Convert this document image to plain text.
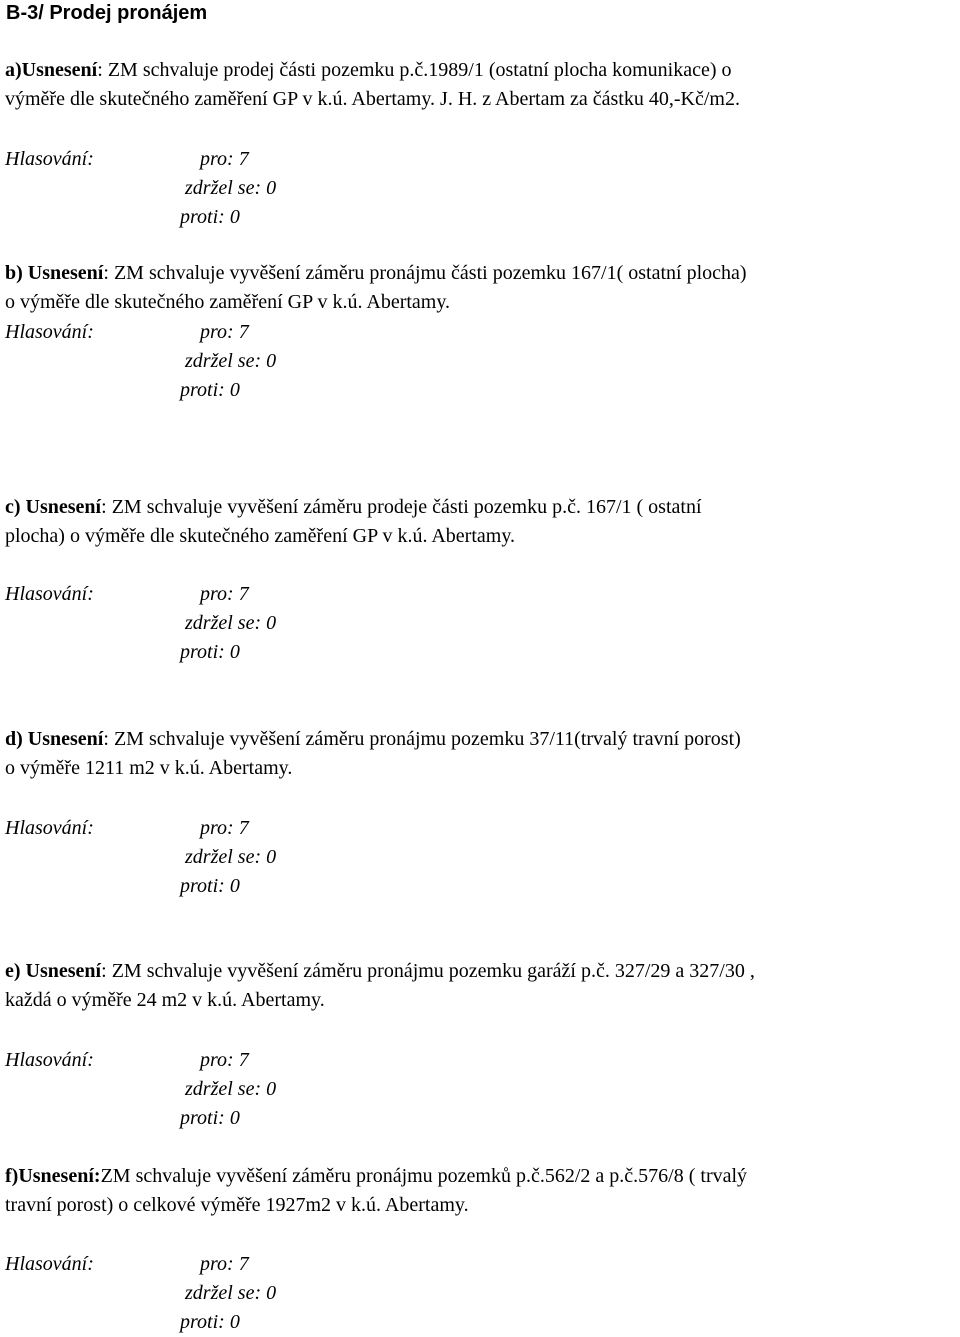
B-3/ Prodej pronájem
a)Usnesení: ZM schvaluje prodej části pozemku p.č.1989/1 (ostatní plocha komunikace) o
výměře dle skutečného zaměření GP v k.ú. Abertamy. J. H. z Abertam za částku 40,-Kč/m2.
Hlasování:	pro: 7
zdržel se: 0
proti: 0
b) Usnesení: ZM schvaluje vyvěšení záměru pronájmu části pozemku 167/1( ostatní plocha)
o výměře dle skutečného zaměření GP v k.ú. Abertamy.
Hlasování:	pro: 7
zdržel se: 0
proti: 0
c) Usnesení: ZM schvaluje vyvěšení záměru prodeje části pozemku p.č. 167/1 ( ostatní
plocha) o výměře dle skutečného zaměření GP v k.ú. Abertamy.
Hlasování:	pro: 7
zdržel se: 0
proti: 0
d) Usnesení: ZM schvaluje vyvěšení záměru pronájmu pozemku 37/11(trvalý travní porost)
o výměře 1211 m2 v k.ú. Abertamy.
Hlasování:	pro: 7
zdržel se: 0
proti: 0
e) Usnesení: ZM schvaluje vyvěšení záměru pronájmu pozemku garáží p.č. 327/29 a 327/30 ,
každá o výměře 24 m2 v k.ú. Abertamy.
Hlasování:	pro: 7
zdržel se: 0
proti: 0
f)Usnesení:ZM schvaluje vyvěšení záměru pronájmu pozemků p.č.562/2 a p.č.576/8 ( trvalý
travní porost) o celkové výměře 1927m2 v k.ú. Abertamy.
Hlasování:	pro: 7
zdržel se: 0
proti: 0
